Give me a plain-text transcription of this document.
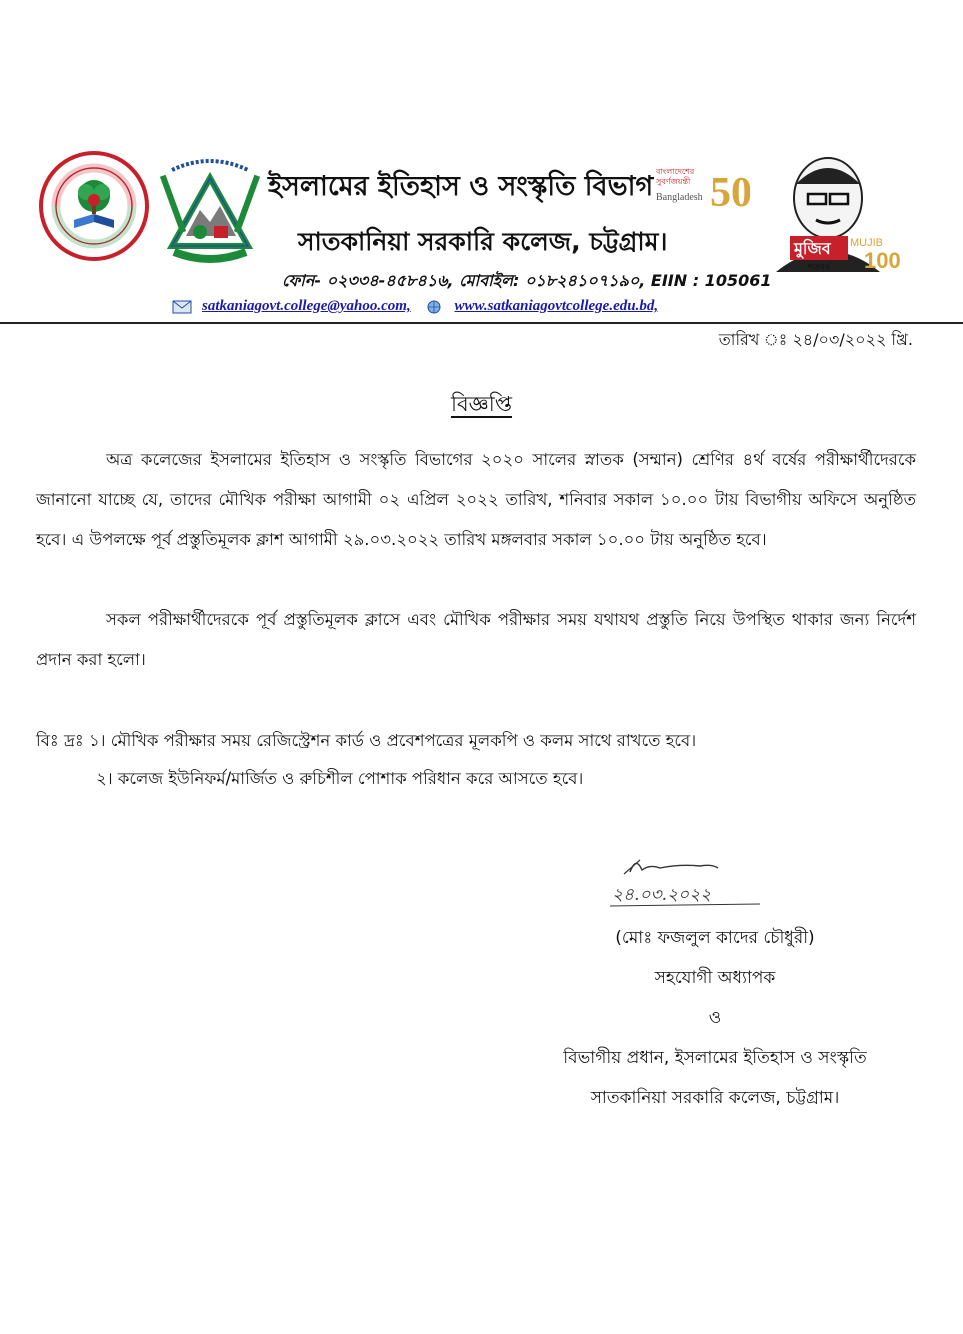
ইসলামের ইতিহাস ও সংস্কৃতি বিভাগ
সাতকানিয়া সরকারি কলেজ, চট্টগ্রাম।
ফোন- ০২৩৩৪-৪৫৮৪১৬, মোবাইল: ০১৮২৪১০৭১৯০, EIIN : 105061
satkaniagovt.college@yahoo.com,	www.satkaniagovtcollege.edu.bd,
বাংলাদেশের
সুবর্ণজয়ন্তী
Bangladesh 50
মুজিব MUJIB
100
শতবর্ষ
তারিখ ঃ ২৪/০৩/২০২২ খ্রি.
বিজ্ঞপ্তি
অত্র কলেজের ইসলামের ইতিহাস ও সংস্কৃতি বিভাগের ২০২০ সালের স্নাতক (সম্মান) শ্রেণির ৪র্থ বর্ষের পরীক্ষার্থীদেরকে জানানো যাচ্ছে যে, তাদের মৌখিক পরীক্ষা আগামী ০২ এপ্রিল ২০২২ তারিখ, শনিবার সকাল ১০.০০ টায় বিভাগীয় অফিসে অনুষ্ঠিত হবে। এ উপলক্ষে পূর্ব প্রস্তুতিমূলক ক্লাশ আগামী ২৯.০৩.২০২২ তারিখ মঙ্গলবার সকাল ১০.০০ টায় অনুষ্ঠিত হবে।
সকল পরীক্ষার্থীদেরকে পূর্ব প্রস্তুতিমূলক ক্লাসে এবং মৌখিক পরীক্ষার সময় যথাযথ প্রস্তুতি নিয়ে উপস্থিত থাকার জন্য নির্দেশ প্রদান করা হলো।
বিঃ দ্রঃ ১। মৌখিক পরীক্ষার সময় রেজিস্ট্রেশন কার্ড ও প্রবেশপত্রের মূলকপি ও কলম সাথে রাখতে হবে।
২। কলেজ ইউনিফর্ম/মার্জিত ও রুচিশীল পোশাক পরিধান করে আসতে হবে।
২৪.০৩.২০২২
(মোঃ ফজলুল কাদের চৌধুরী)
সহযোগী অধ্যাপক
ও
বিভাগীয় প্রধান, ইসলামের ইতিহাস ও সংস্কৃতি
সাতকানিয়া সরকারি কলেজ, চট্টগ্রাম।
